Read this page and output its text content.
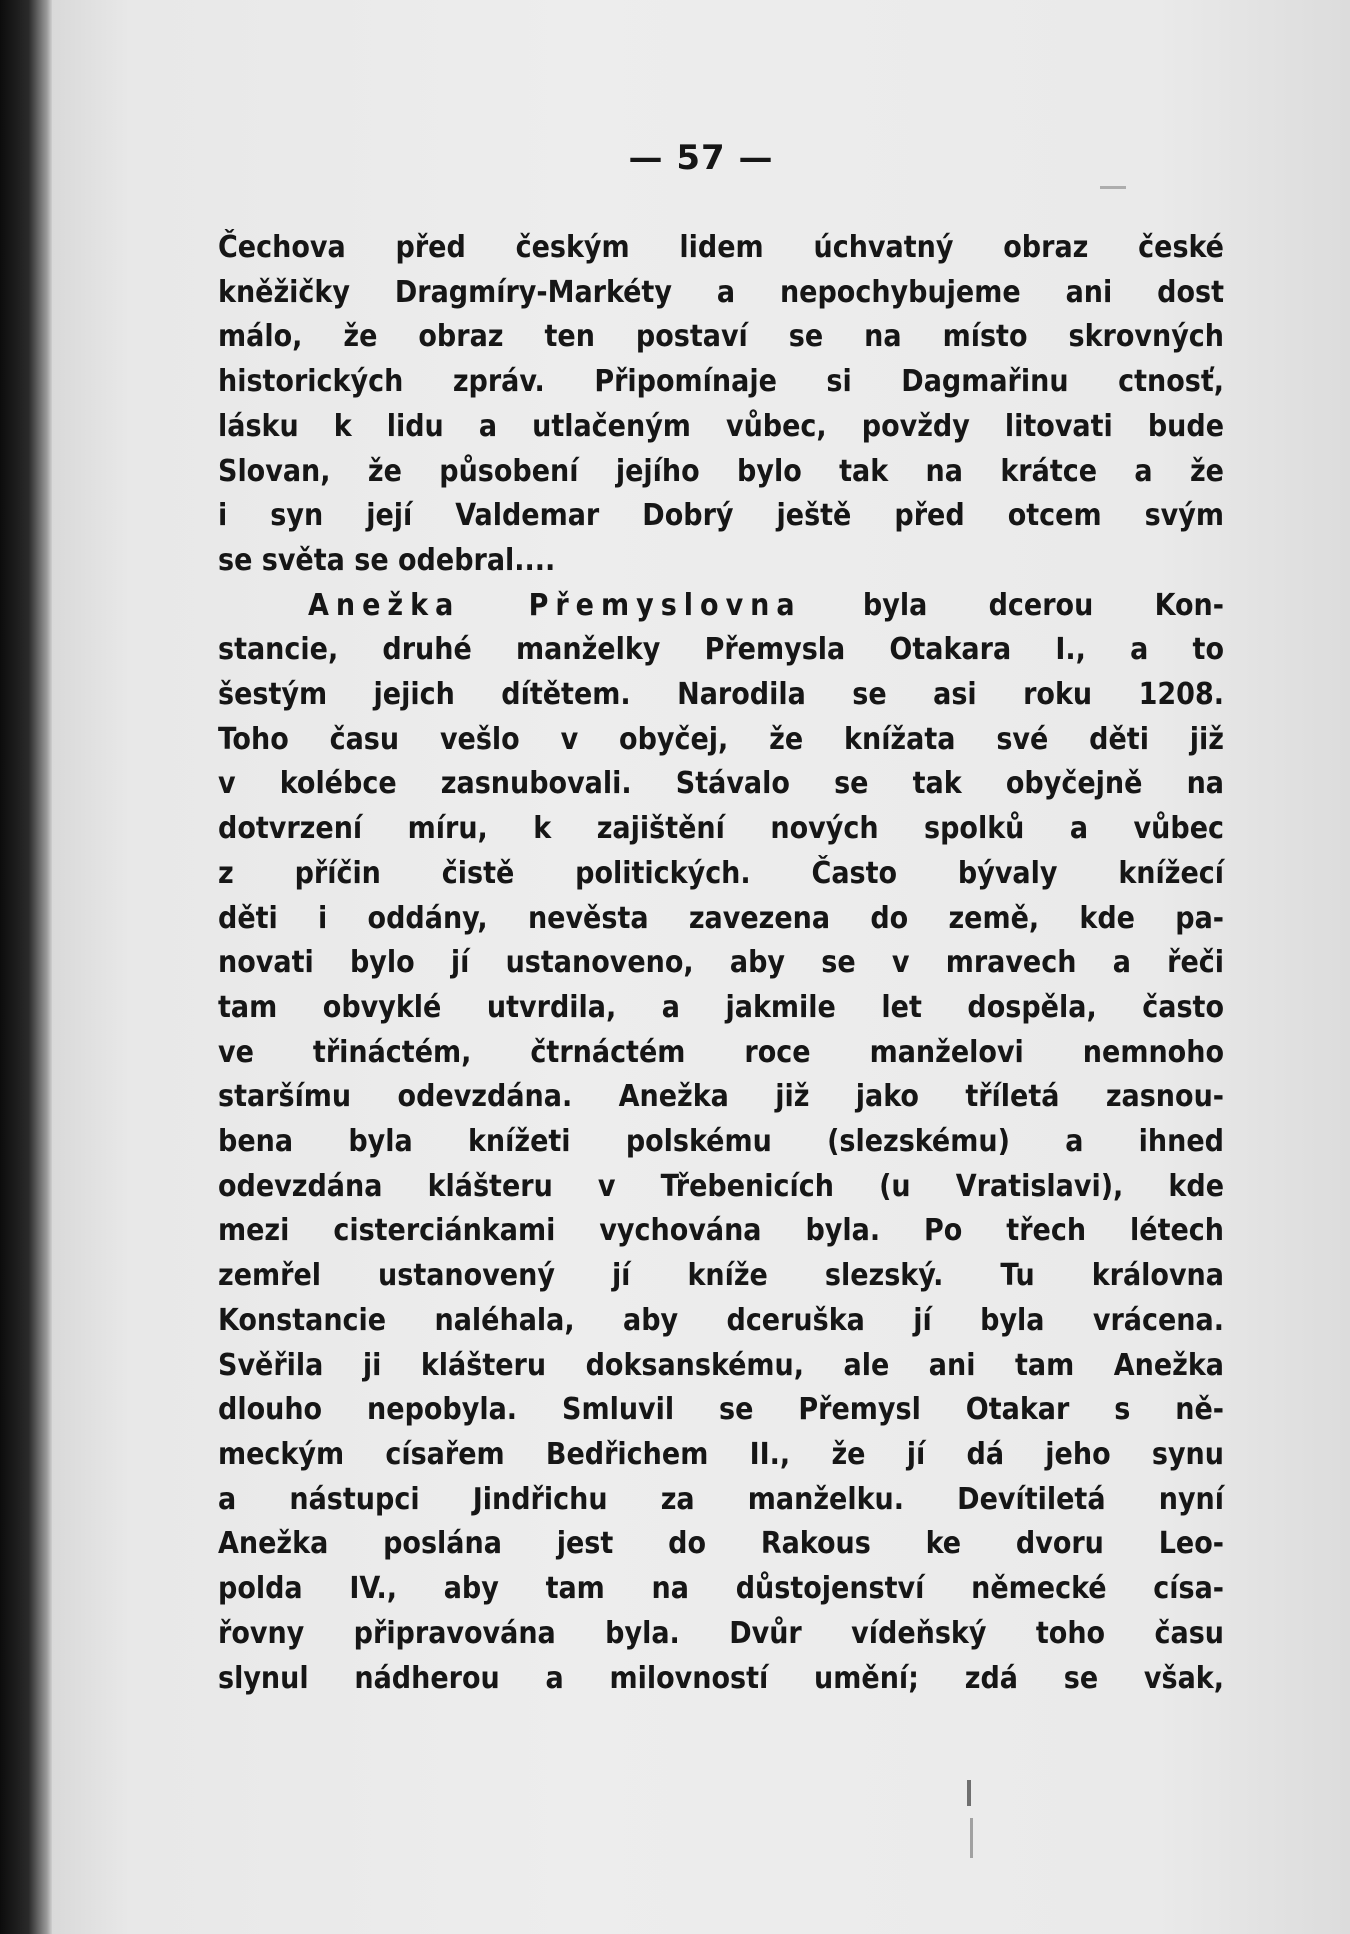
— 57 —
Čechova před českým lidem úchvatný obraz české
kněžičky Dragmíry-Markéty a nepochybujeme ani dost
málo, že obraz ten postaví se na místo skrovných
historických zpráv. Připomínaje si Dagmařinu ctnosť,
lásku k lidu a utlačeným vůbec, povždy litovati bude
Slovan, že působení jejího bylo tak na krátce a že
i syn její Valdemar Dobrý ještě před otcem svým
se světa se odebral....
Anežka Přemyslovna byla dcerou Kon-
stancie, druhé manželky Přemysla Otakara I., a to
šestým jejich dítětem. Narodila se asi roku 1208.
Toho času vešlo v obyčej, že knížata své děti již
v kolébce zasnubovali. Stávalo se tak obyčejně na
dotvrzení míru, k zajištění nových spolků a vůbec
z příčin čistě politických. Často bývaly knížecí
děti i oddány, nevěsta zavezena do země, kde pa-
novati bylo jí ustanoveno, aby se v mravech a řeči
tam obvyklé utvrdila, a jakmile let dospěla, často
ve třináctém, čtrnáctém roce manželovi nemnoho
staršímu odevzdána. Anežka již jako tříletá zasnou-
bena byla knížeti polskému (slezskému) a ihned
odevzdána klášteru v Třebenicích (u Vratislavi), kde
mezi cisterciánkami vychována byla. Po třech létech
zemřel ustanovený jí kníže slezský. Tu královna
Konstancie naléhala, aby dceruška jí byla vrácena.
Svěřila ji klášteru doksanskému, ale ani tam Anežka
dlouho nepobyla. Smluvil se Přemysl Otakar s ně-
meckým císařem Bedřichem II., že jí dá jeho synu
a nástupci Jindřichu za manželku. Devítiletá nyní
Anežka poslána jest do Rakous ke dvoru Leo-
polda IV., aby tam na důstojenství německé císa-
řovny připravována byla. Dvůr vídeňský toho času
slynul nádherou a milovností umění; zdá se však,
